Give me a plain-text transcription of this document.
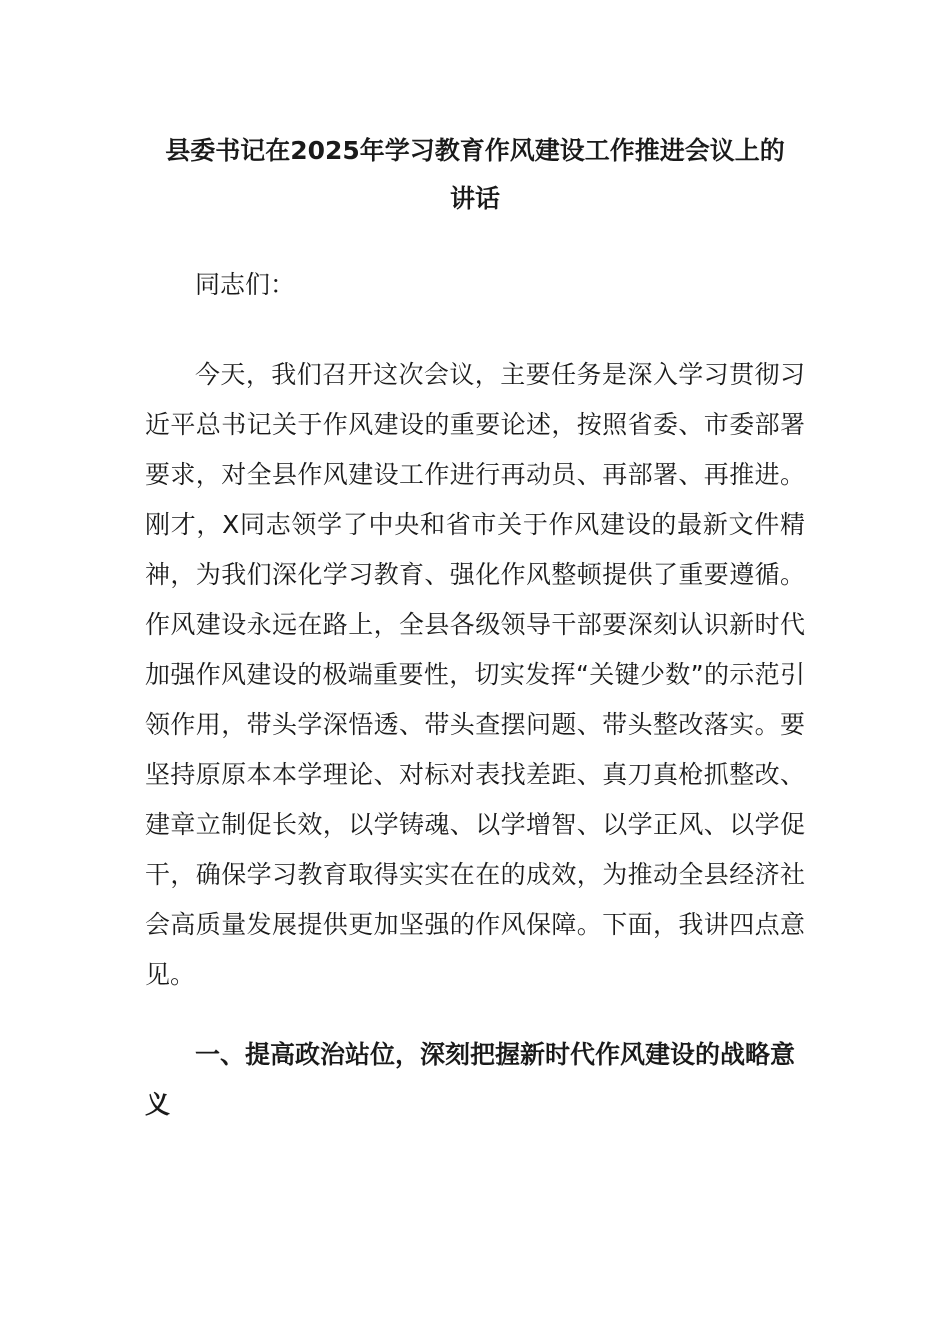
县委书记在2025年学习教育作风建设工作推进会议上的
讲话

同志们：

今天，我们召开这次会议，主要任务是深入学习贯彻习近平总书记关于作风建设的重要论述，按照省委、市委部署要求，对全县作风建设工作进行再动员、再部署、再推进。刚才，X同志领学了中央和省市关于作风建设的最新文件精神，为我们深化学习教育、强化作风整顿提供了重要遵循。作风建设永远在路上，全县各级领导干部要深刻认识新时代加强作风建设的极端重要性，切实发挥“关键少数”的示范引领作用，带头学深悟透、带头查摆问题、带头整改落实。要坚持原原本本学理论、对标对表找差距、真刀真枪抓整改、建章立制促长效，以学铸魂、以学增智、以学正风、以学促干，确保学习教育取得实实在在的成效，为推动全县经济社会高质量发展提供更加坚强的作风保障。下面，我讲四点意见。

一、提高政治站位，深刻把握新时代作风建设的战略意义
